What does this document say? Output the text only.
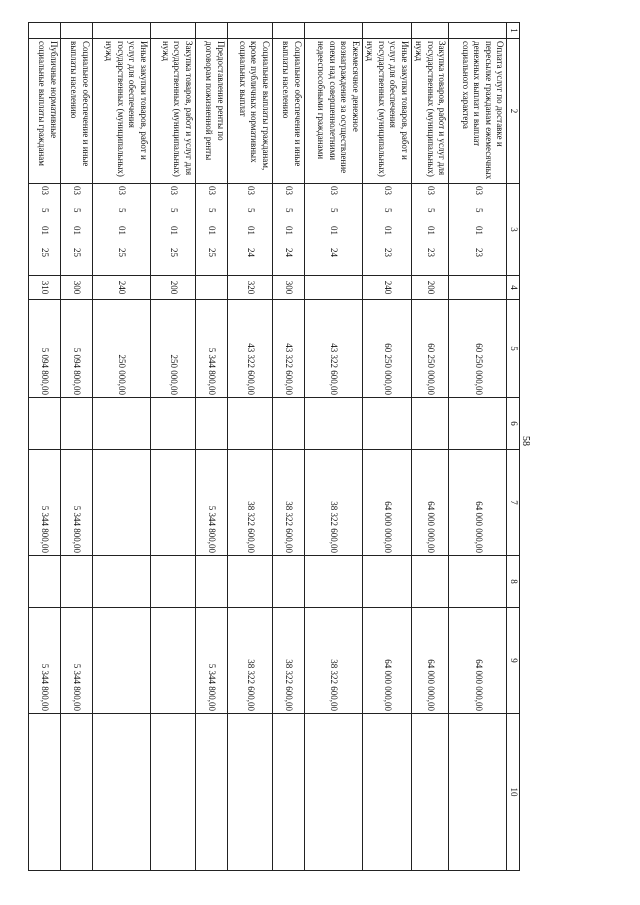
58
1	2	3	4	5	6	7	8	9	10
	Оплата услуг по доставке и пересылке гражданам ежемесячных денежных выплат и выплат социального характера	0350123		60 250 000,00		64 000 000,00		64 000 000,00	
	Закупка товаров, работ и услуг для государственных (муниципальных) нужд	0350123	200	60 250 000,00		64 000 000,00		64 000 000,00	
	Иные закупки товаров, работ и услуг для обеспечения государственных (муниципальных) нужд	0350123	240	60 250 000,00		64 000 000,00		64 000 000,00	
	Ежемесячное денежное вознаграждение за осуществление опеки над совершеннолетними недееспособными гражданами	0350124		43 322 600,00		38 322 600,00		38 322 600,00	
	Социальное обеспечение и иные выплаты населению	0350124	300	43 322 600,00		38 322 600,00		38 322 600,00	
	Социальные выплаты гражданам, кроме публичных нормативных социальных выплат	0350124	320	43 322 600,00		38 322 600,00		38 322 600,00	
	Предоставление ренты по договорам пожизненной ренты	0350125		5 344 800,00		5 344 800,00		5 344 800,00	
	Закупка товаров, работ и услуг для государственных (муниципальных) нужд	0350125	200	250 000,00					
	Иные закупки товаров, работ и услуг для обеспечения государственных (муниципальных) нужд	0350125	240	250 000,00					
	Социальное обеспечение и иные выплаты населению	0350125	300	5 094 800,00		5 344 800,00		5 344 800,00	
	Публичные нормативные социальные выплаты гражданам	0350125	310	5 094 800,00		5 344 800,00		5 344 800,00	
